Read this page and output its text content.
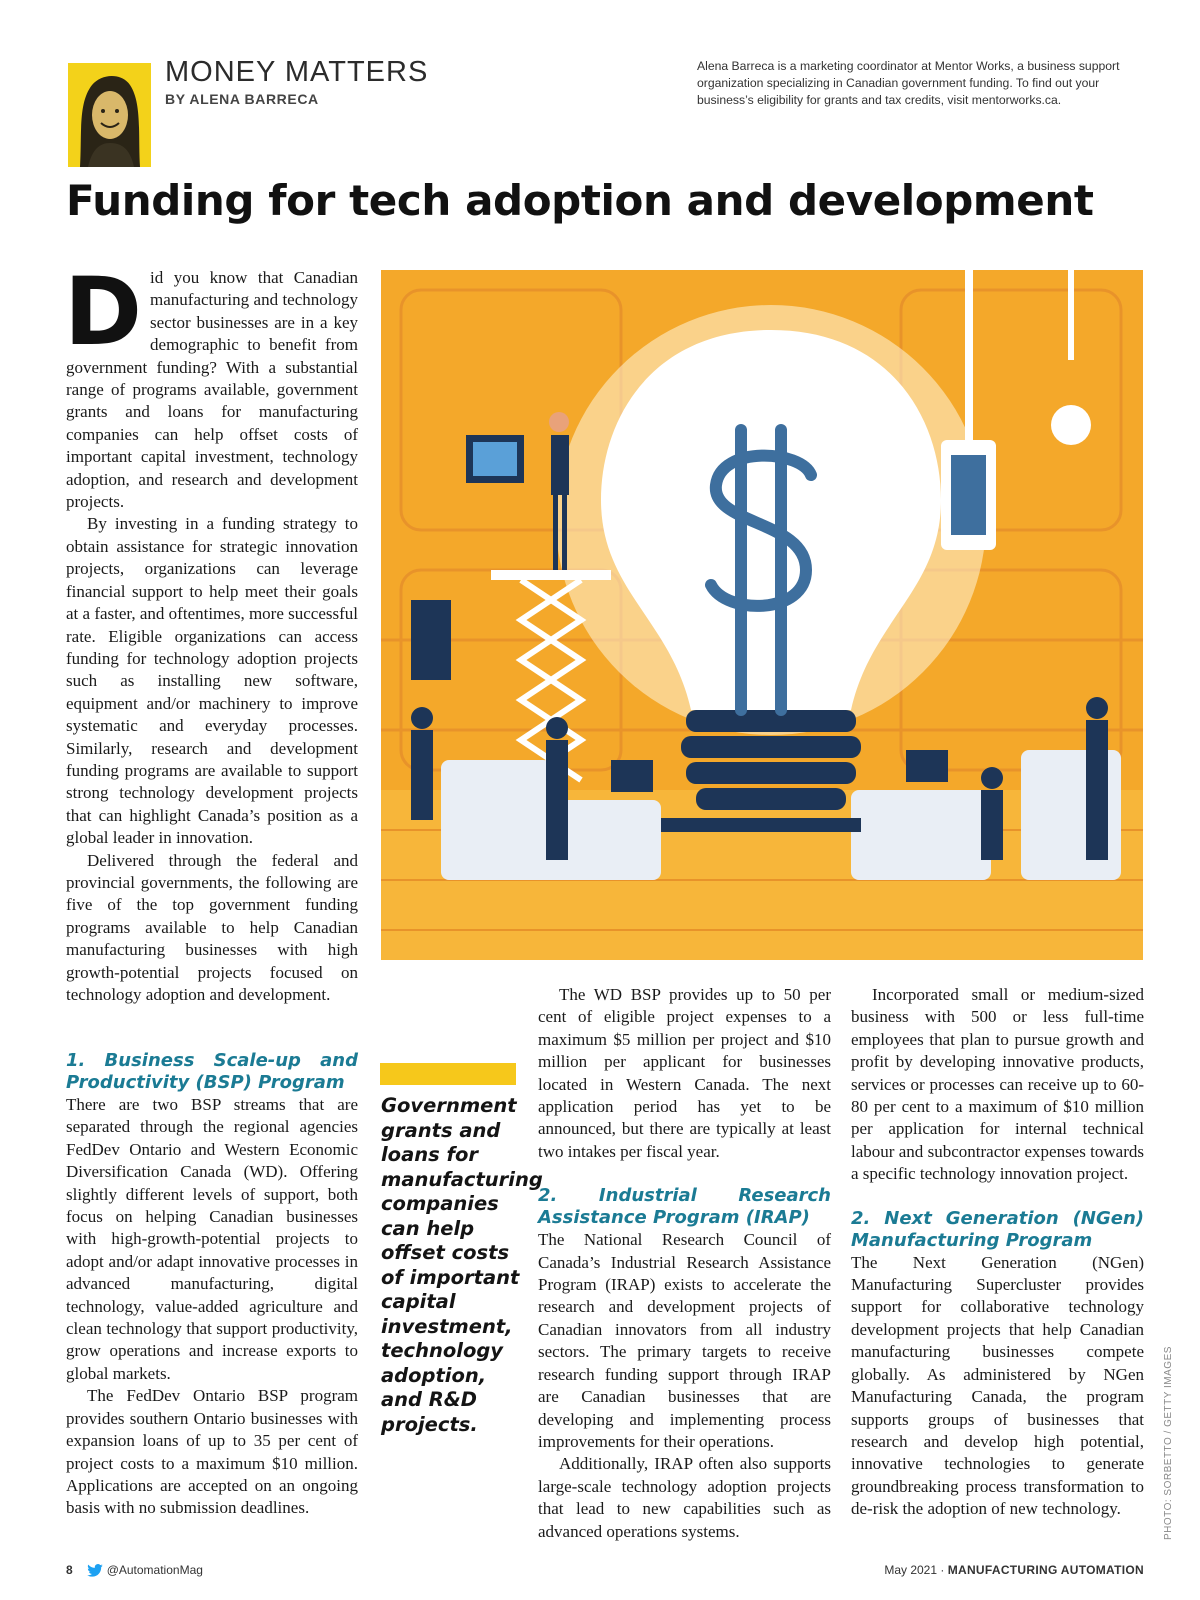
MONEY MATTERS
BY ALENA BARRECA
Alena Barreca is a marketing coordinator at Mentor Works, a business support organization specializing in Canadian government funding. To find out your business’s eligibility for grants and tax credits, visit mentorworks.ca.
Funding for tech adoption and development

Did you know that Canadian manufacturing and technology sector businesses are in a key demographic to benefit from government funding? With a substantial range of programs available, government grants and loans for manufacturing companies can help offset costs of important capital investment, technology adoption, and research and development projects.

By investing in a funding strategy to obtain assistance for strategic innovation projects, organizations can leverage financial support to help meet their goals at a faster, and oftentimes, more successful rate. Eligible organizations can access funding for technology adoption projects such as installing new software, equipment and/or machinery to improve systematic and everyday processes. Similarly, research and development funding programs are available to support strong technology development projects that can highlight Canada’s position as a global leader in innovation.

Delivered through the federal and provincial governments, the following are five of the top government funding programs available to help Canadian manufacturing businesses with high growth-potential projects focused on technology adoption and development.

1. Business Scale-up and Productivity (BSP) Program

There are two BSP streams that are separated through the regional agencies FedDev Ontario and Western Economic Diversification Canada (WD). Offering slightly different levels of support, both focus on helping Canadian businesses with high-growth-potential projects to adopt and/or adapt innovative processes in advanced manufacturing, digital technology, value-added agriculture and clean technology that support productivity, grow operations and increase exports to global markets.

The FedDev Ontario BSP program provides southern Ontario businesses with expansion loans of up to 35 per cent of project costs to a maximum $10 million. Applications are accepted on an ongoing basis with no submission deadlines.

Government grants and loans for manufacturing companies can help offset costs of important capital investment, technology adoption, and R&D projects.

The WD BSP provides up to 50 per cent of eligible project expenses to a maximum $5 million per project and $10 million per applicant for businesses located in Western Canada. The next application period has yet to be announced, but there are typically at least two intakes per fiscal year.

2. Industrial Research Assistance Program (IRAP)

The National Research Council of Canada’s Industrial Research Assistance Program (IRAP) exists to accelerate the research and development projects of Canadian innovators from all industry sectors. The primary targets to receive research funding support through IRAP are Canadian businesses that are developing and implementing process improvements for their operations.

Additionally, IRAP often also supports large-scale technology adoption projects that lead to new capabilities such as advanced operations systems.

Incorporated small or medium-sized business with 500 or less full-time employees that plan to pursue growth and profit by developing innovative products, services or processes can receive up to 60-80 per cent to a maximum of $10 million per application for internal technical labour and subcontractor expenses towards a specific technology innovation project.

2. Next Generation (NGen) Manufacturing Program

The Next Generation (NGen) Manufacturing Supercluster provides support for collaborative technology development projects that help Canadian manufacturing businesses compete globally. As administered by NGen Manufacturing Canada, the program supports groups of businesses that research and develop high potential, innovative technologies to generate groundbreaking process transformation to de-risk the adoption of new technology.	PHOTO: SORBETTO / GETTY IMAGES
8	@AutomationMag	May 2021 · MANUFACTURING AUTOMATION
